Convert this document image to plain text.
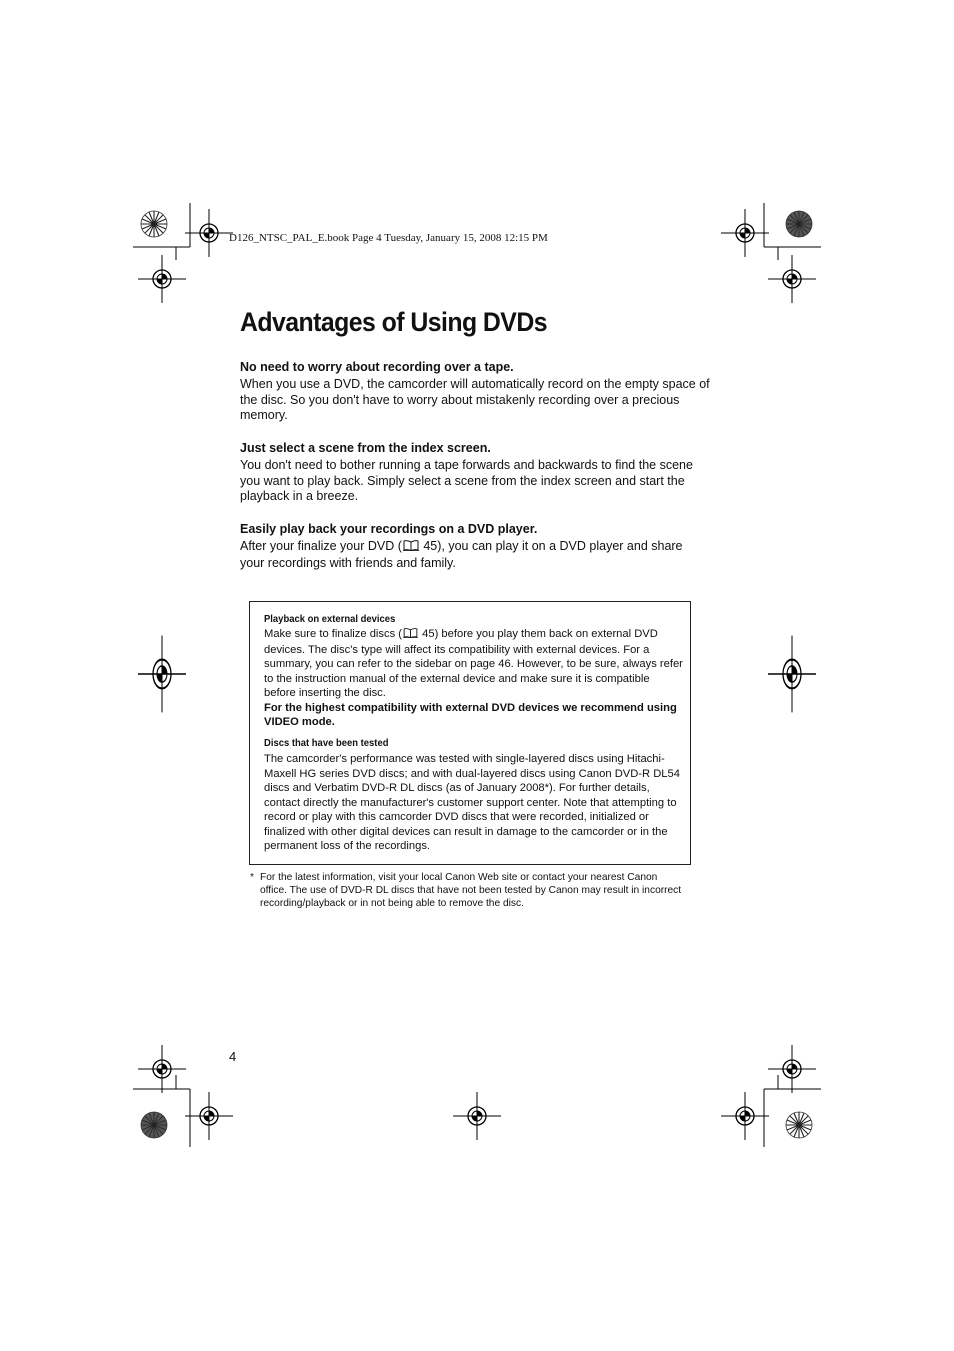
D126_NTSC_PAL_E.book Page 4 Tuesday, January 15, 2008 12:15 PM
Advantages of Using DVDs
No need to worry about recording over a tape.
When you use a DVD, the camcorder will automatically record on the empty space of the disc. So you don't have to worry about mistakenly recording over a precious memory.
Just select a scene from the index screen.
You don't need to bother running a tape forwards and backwards to find the scene you want to play back. Simply select a scene from the index screen and start the playback in a breeze.
Easily play back your recordings on a DVD player.
After your finalize your DVD ( 45), you can play it on a DVD player and share your recordings with friends and family.
Playback on external devices
Make sure to finalize discs ( 45) before you play them back on external DVD devices. The disc's type will affect its compatibility with external devices. For a summary, you can refer to the sidebar on page 46. However, to be sure, always refer to the instruction manual of the external device and make sure it is compatible before inserting the disc.
For the highest compatibility with external DVD devices we recommend using VIDEO mode.
Discs that have been tested
The camcorder's performance was tested with single-layered discs using Hitachi-Maxell HG series DVD discs; and with dual-layered discs using Canon DVD-R DL54 discs and Verbatim DVD-R DL discs (as of January 2008*). For further details, contact directly the manufacturer's customer support center. Note that attempting to record or play with this camcorder DVD discs that were recorded, initialized or finalized with other digital devices can result in damage to the camcorder or in the permanent loss of the recordings.
* For the latest information, visit your local Canon Web site or contact your nearest Canon office. The use of DVD-R DL discs that have not been tested by Canon may result in incorrect recording/playback or in not being able to remove the disc.
4
